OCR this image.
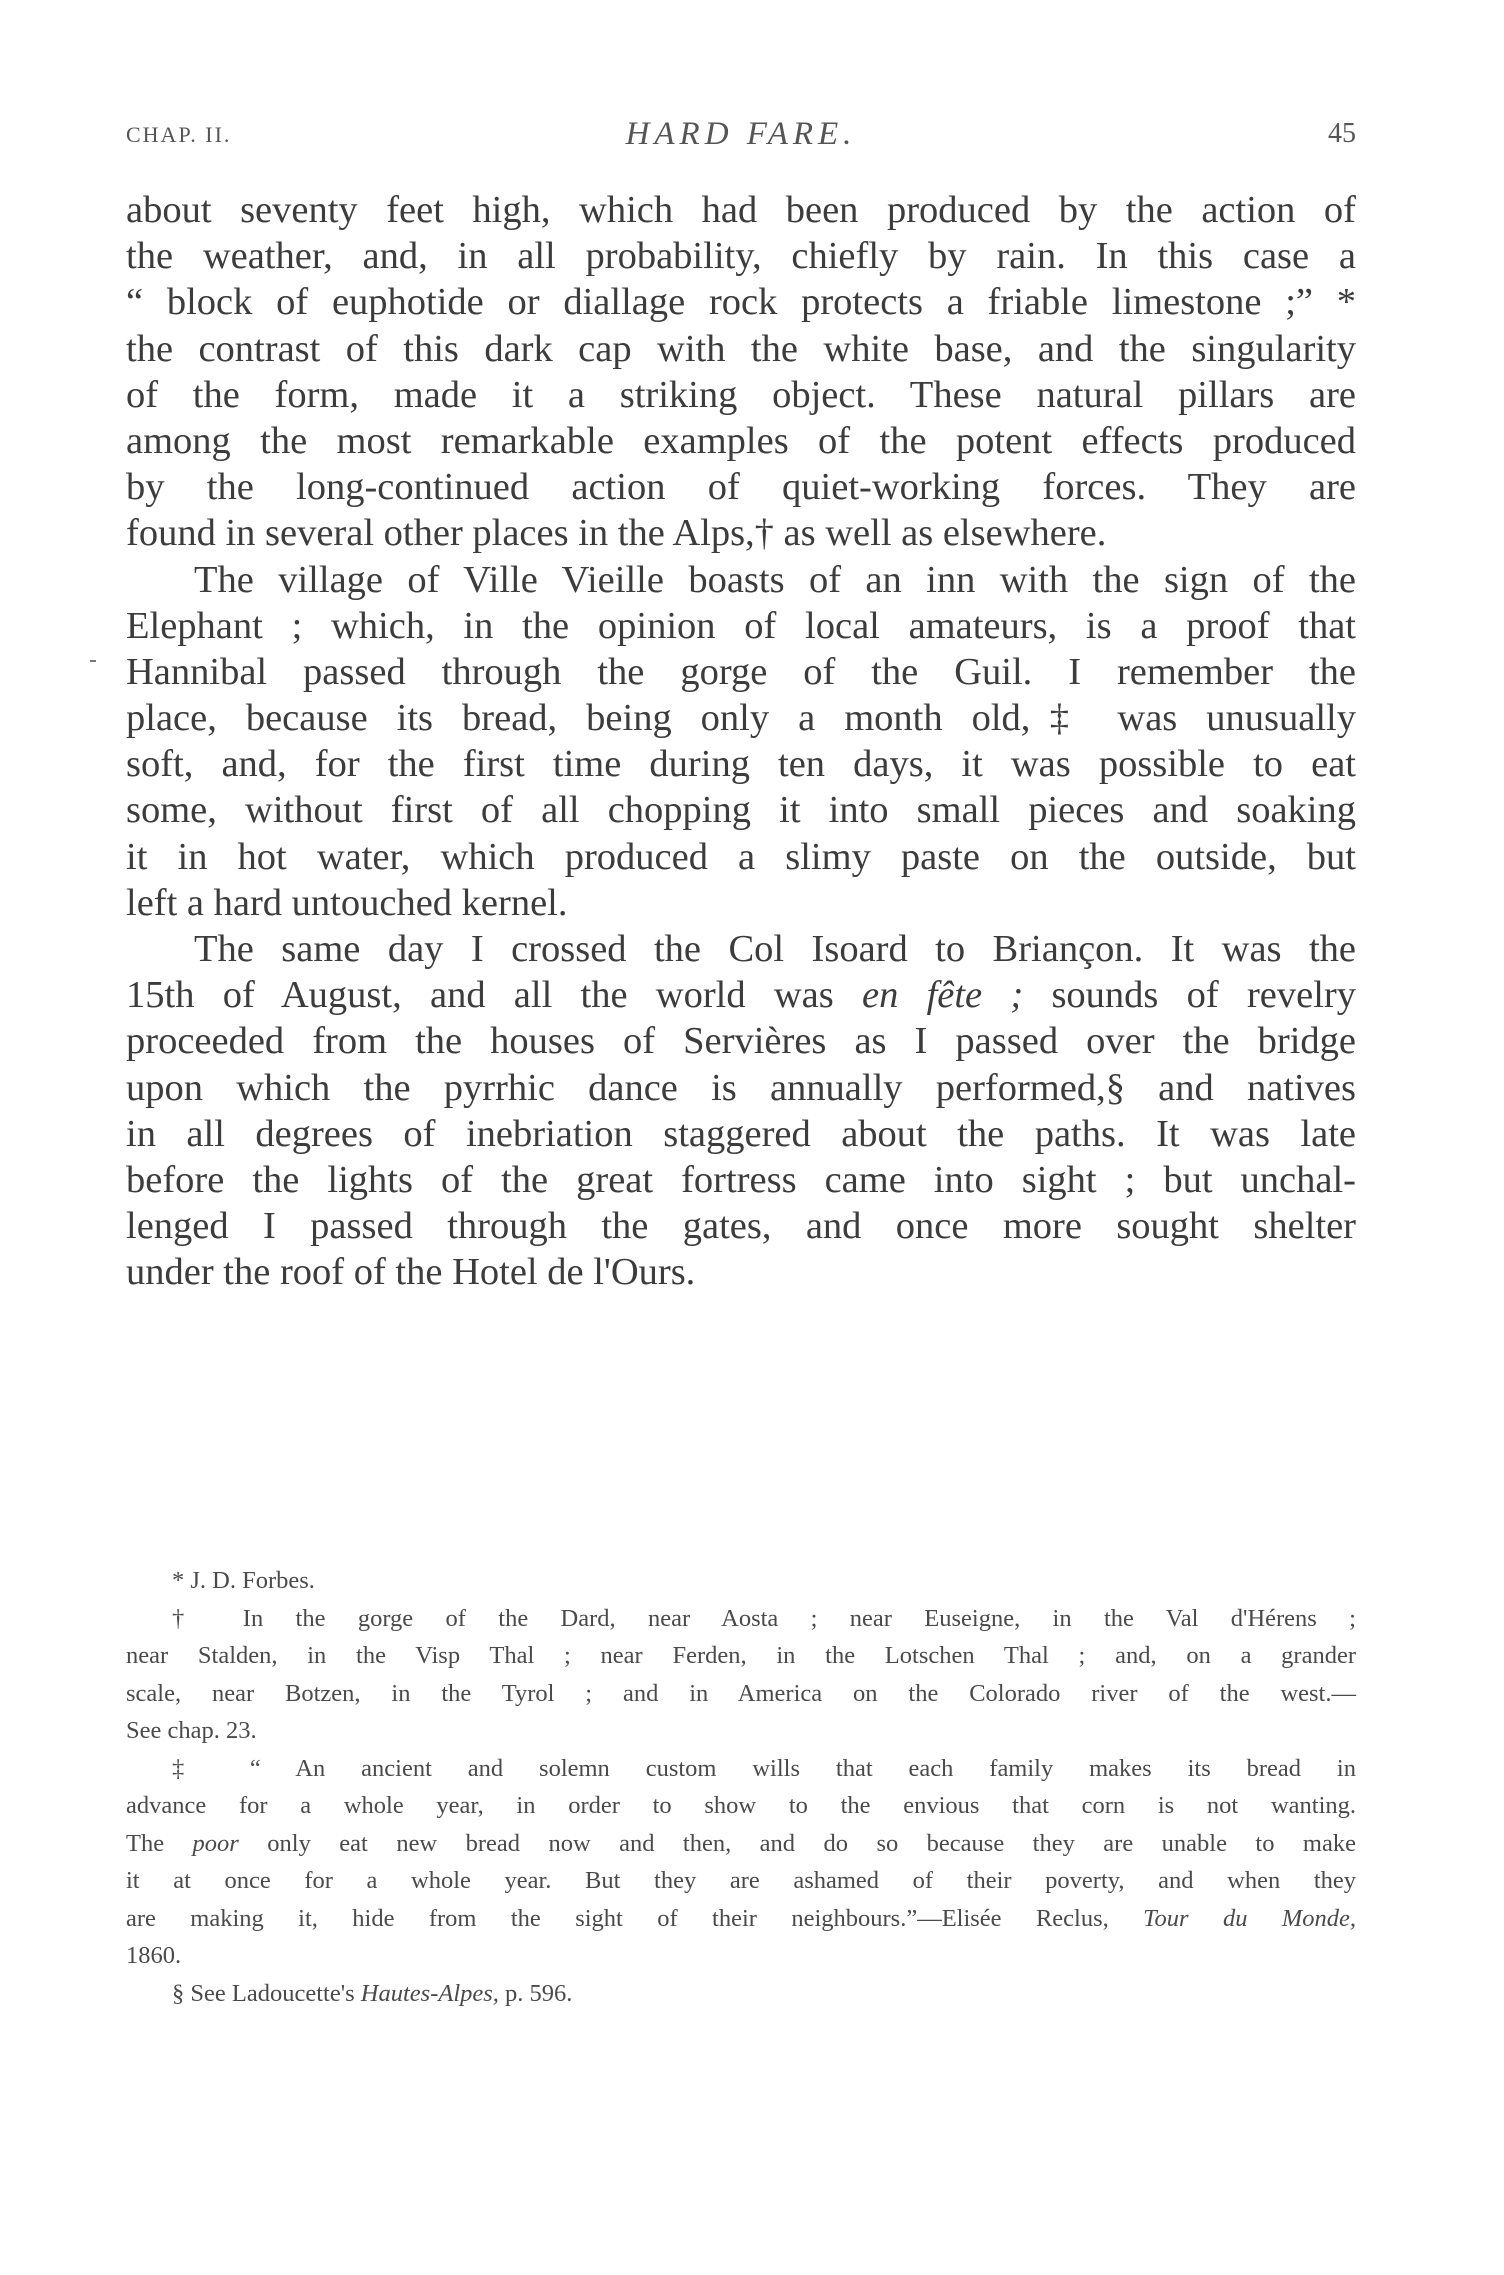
CHAP. II.	HARD FARE.	45
about seventy feet high, which had been produced by the action of
the weather, and, in all probability, chiefly by rain. In this case a
“ block of euphotide or diallage rock protects a friable limestone ;” *
the contrast of this dark cap with the white base, and the singularity
of the form, made it a striking object. These natural pillars are
among the most remarkable examples of the potent effects produced
by the long-continued action of quiet-working forces. They are
found in several other places in the Alps,† as well as elsewhere.
The village of Ville Vieille boasts of an inn with the sign of the
Elephant ; which, in the opinion of local amateurs, is a proof that
Hannibal passed through the gorge of the Guil. I remember the
place, because its bread, being only a month old,‡ was unusually
soft, and, for the first time during ten days, it was possible to eat
some, without first of all chopping it into small pieces and soaking
it in hot water, which produced a slimy paste on the outside, but
left a hard untouched kernel.
The same day I crossed the Col Isoard to Briançon. It was the
15th of August, and all the world was en fête ; sounds of revelry
proceeded from the houses of Servières as I passed over the bridge
upon which the pyrrhic dance is annually performed,§ and natives
in all degrees of inebriation staggered about the paths. It was late
before the lights of the great fortress came into sight ; but unchal-
lenged I passed through the gates, and once more sought shelter
under the roof of the Hotel de l'Ours.
* J. D. Forbes.
† In the gorge of the Dard, near Aosta ; near Euseigne, in the Val d'Hérens ;
near Stalden, in the Visp Thal ; near Ferden, in the Lotschen Thal ; and, on a grander
scale, near Botzen, in the Tyrol ; and in America on the Colorado river of the west.—
See chap. 23.
‡ “ An ancient and solemn custom wills that each family makes its bread in
advance for a whole year, in order to show to the envious that corn is not wanting.
The poor only eat new bread now and then, and do so because they are unable to make
it at once for a whole year. But they are ashamed of their poverty, and when they
are making it, hide from the sight of their neighbours.”—Elisée Reclus, Tour du Monde,
1860.
§ See Ladoucette's Hautes-Alpes, p. 596.
